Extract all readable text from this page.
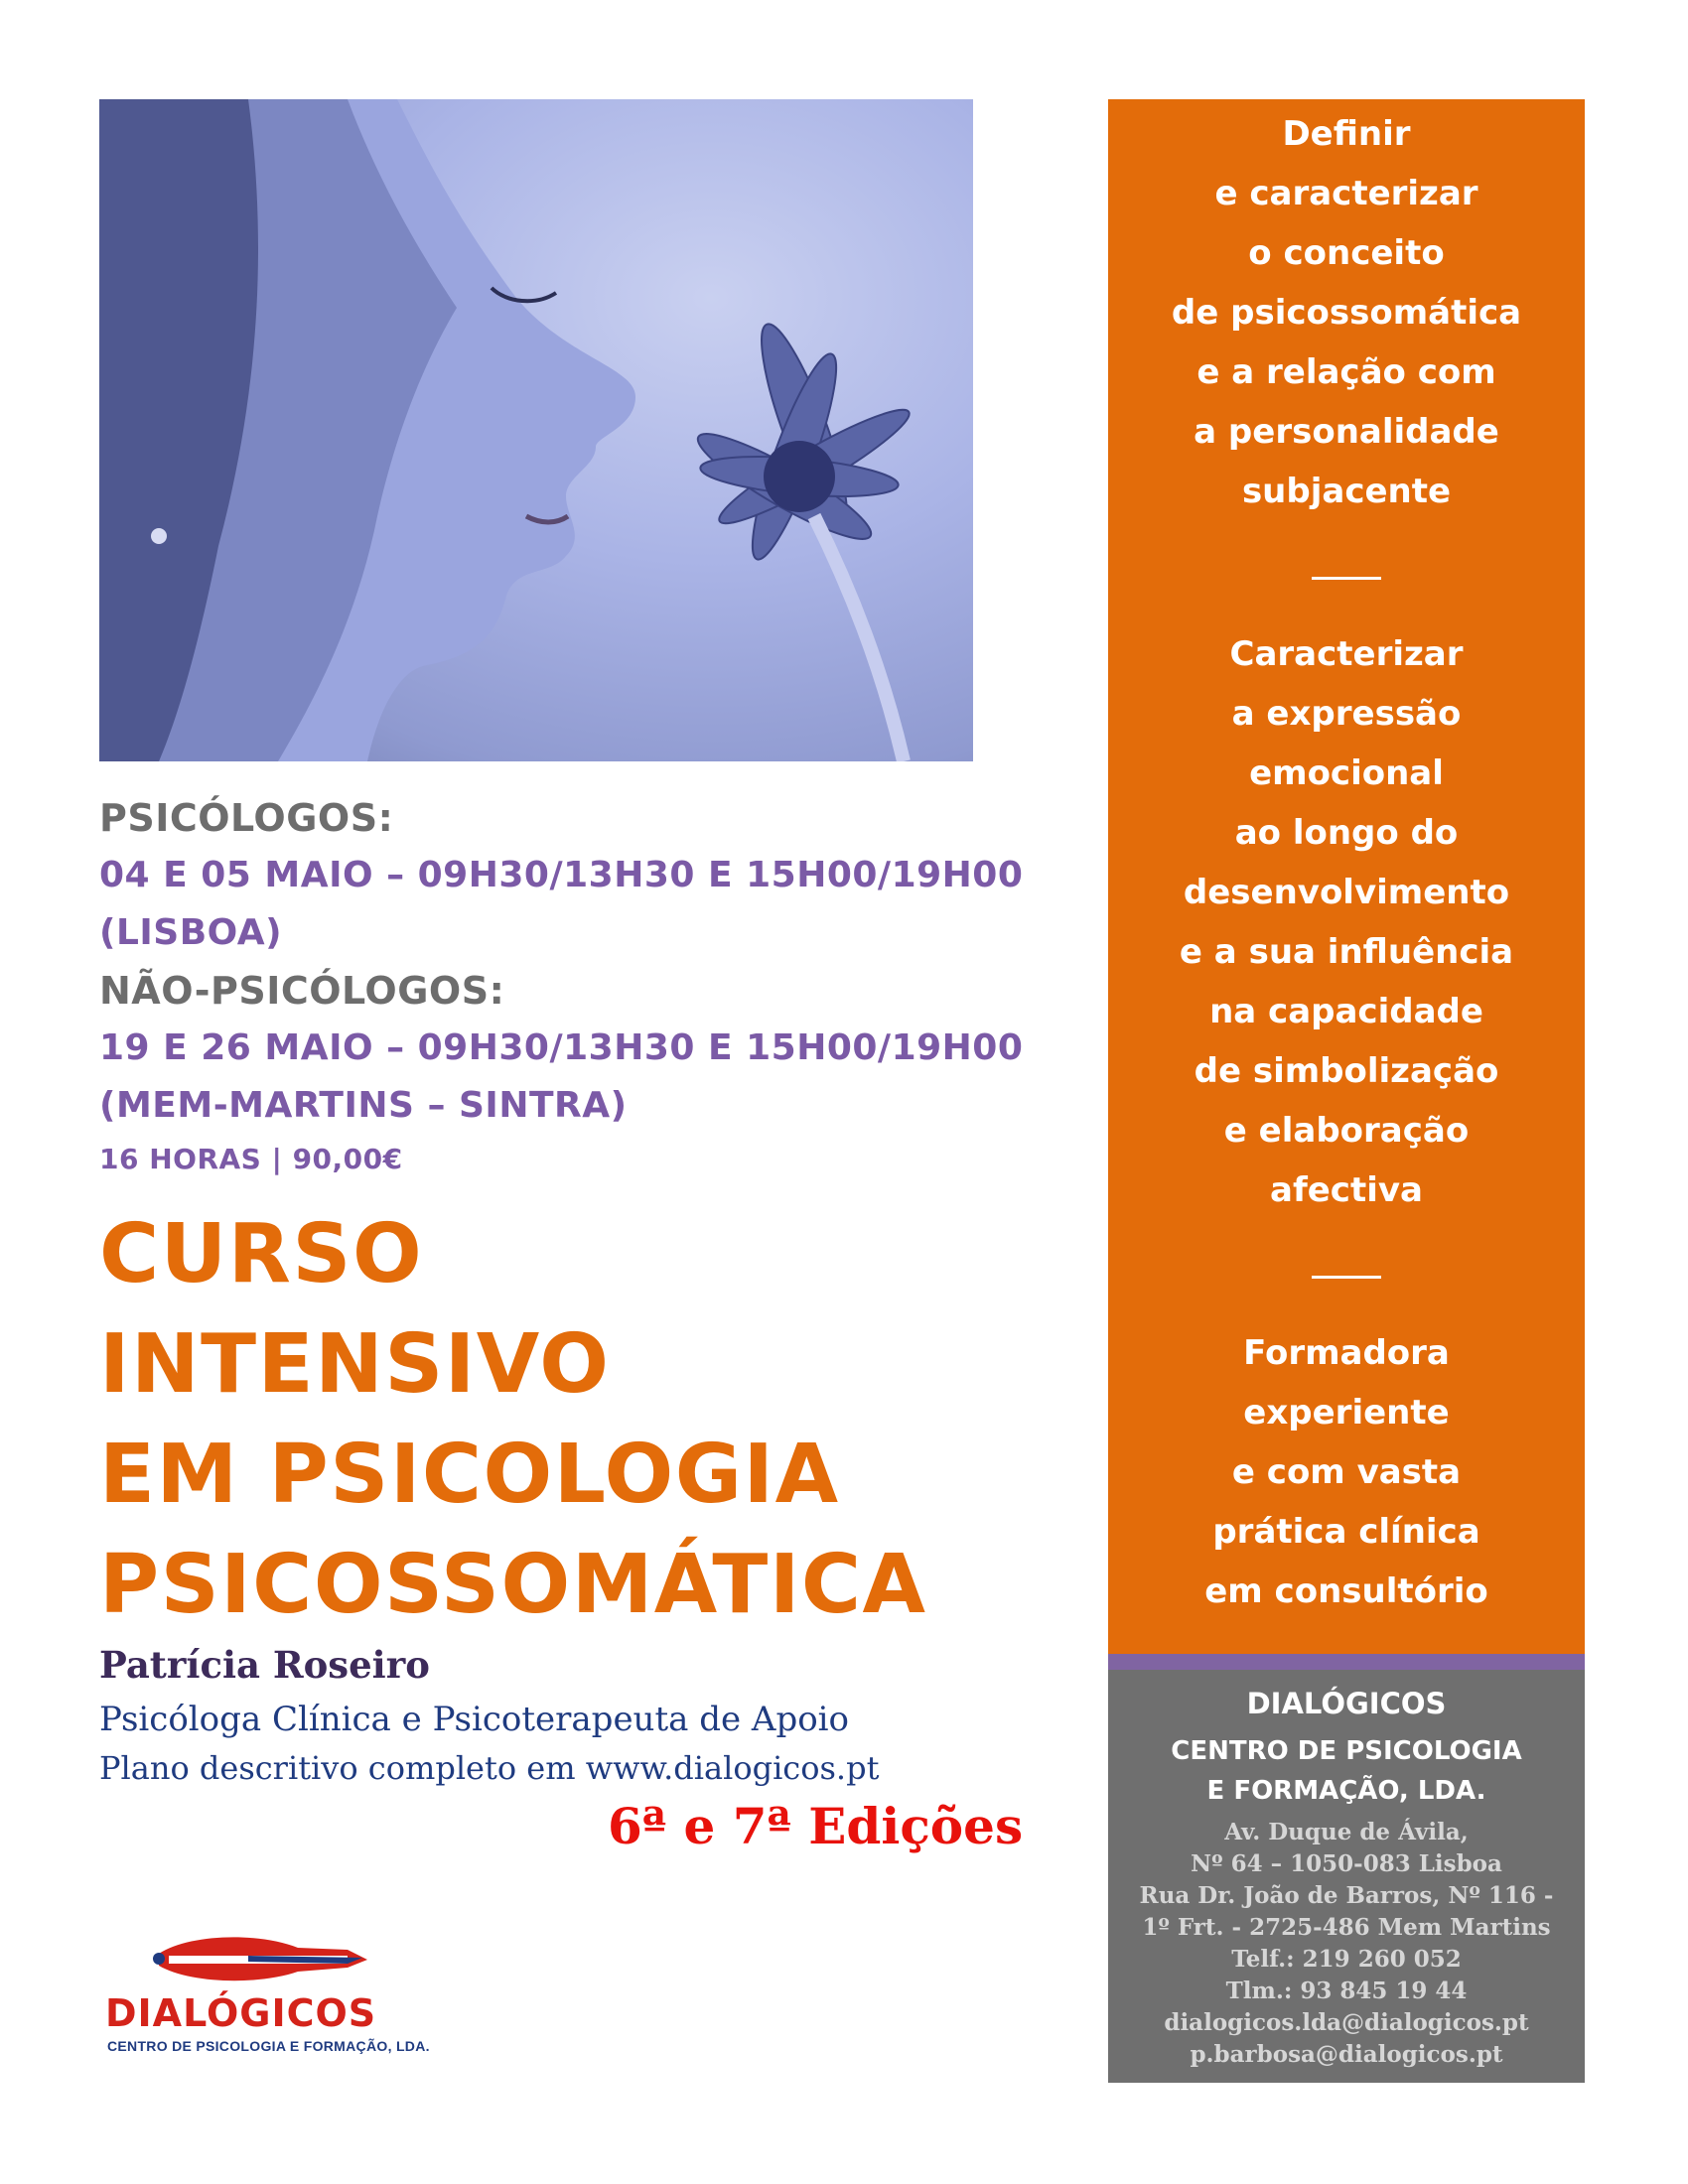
PSICÓLOGOS:
04 E 05 MAIO – 09H30/13H30 E 15H00/19H00
(LISBOA)
NÃO-PSICÓLOGOS:
19 E 26 MAIO – 09H30/13H30 E 15H00/19H00
(MEM-MARTINS – SINTRA)
16 HORAS | 90,00€
CURSO
INTENSIVO
EM PSICOLOGIA
PSICOSSOMÁTICA
Patrícia Roseiro
Psicóloga Clínica e Psicoterapeuta de Apoio
Plano descritivo completo em www.dialogicos.pt
6ª e 7ª Edições
DIALÓGICOS
CENTRO DE PSICOLOGIA E FORMAÇÃO, LDA.
Definir
e caracterizar
o conceito
de psicossomática
e a relação com
a personalidade
subjacente
Caracterizar
a expressão
emocional
ao longo do
desenvolvimento
e a sua influência
na capacidade
de simbolização
e elaboração
afectiva
Formadora
experiente
e com vasta
prática clínica
em consultório
DIALÓGICOS
CENTRO DE PSICOLOGIA
E FORMAÇÃO, LDA.
Av. Duque de Ávila,
Nº 64 – 1050-083 Lisboa
Rua Dr. João de Barros, Nº 116 -
1º Frt. - 2725-486 Mem Martins
Telf.: 219 260 052
Tlm.: 93 845 19 44
dialogicos.lda@dialogicos.pt
p.barbosa@dialogicos.pt
